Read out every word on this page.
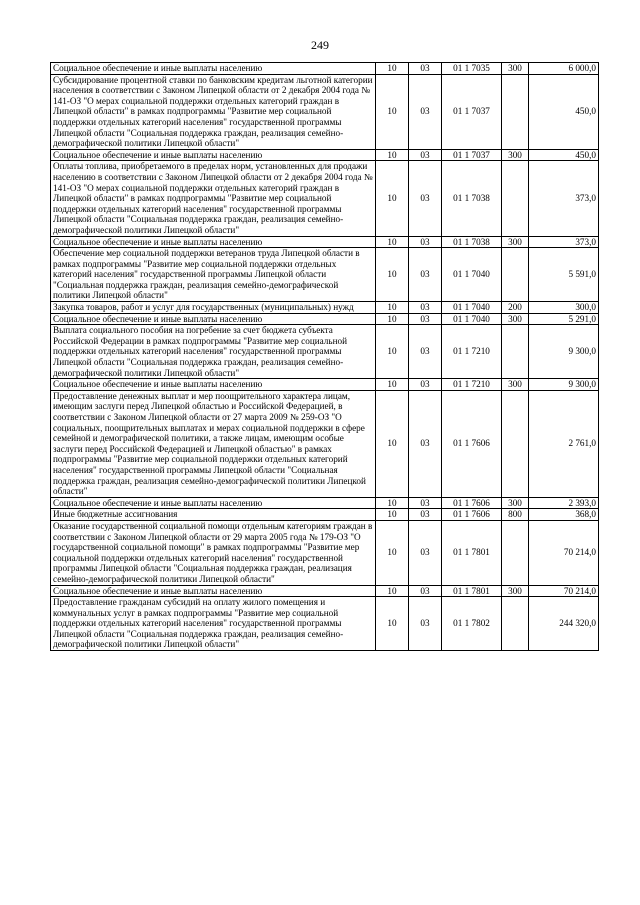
249
Социальное обеспечение и иные выплаты населению	10	03	01 1 7035	300	6 000,0
Субсидирование процентной ставки по банковским кредитам льготной категории населения в соответствии с Законом Липецкой области от 2 декабря 2004 года № 141-ОЗ "О мерах социальной поддержки отдельных категорий граждан в Липецкой области" в рамках подпрограммы "Развитие мер социальной поддержки отдельных категорий населения" государственной программы Липецкой области "Социальная поддержка граждан, реализация семейно-демографической политики Липецкой области"	10	03	01 1 7037		450,0
Социальное обеспечение и иные выплаты населению	10	03	01 1 7037	300	450,0
Оплаты топлива, приобретаемого в пределах норм, установленных для продажи населению в соответствии с Законом Липецкой области от 2 декабря 2004 года № 141-ОЗ "О мерах социальной поддержки отдельных категорий граждан в Липецкой области" в рамках подпрограммы "Развитие мер социальной поддержки отдельных категорий населения" государственной программы Липецкой области "Социальная поддержка граждан, реализация семейно-демографической политики Липецкой области"	10	03	01 1 7038		373,0
Социальное обеспечение и иные выплаты населению	10	03	01 1 7038	300	373,0
Обеспечение мер социальной поддержки ветеранов труда Липецкой области в рамках подпрограммы "Развитие мер социальной поддержки отдельных категорий населения" государственной программы Липецкой области "Социальная поддержка граждан, реализация семейно-демографической политики Липецкой области"	10	03	01 1 7040		5 591,0
Закупка товаров, работ и услуг для государственных (муниципальных) нужд	10	03	01 1 7040	200	300,0
Социальное обеспечение и иные выплаты населению	10	03	01 1 7040	300	5 291,0
Выплата социального пособия на погребение за счет бюджета субъекта Российской Федерации в рамках подпрограммы "Развитие мер социальной поддержки отдельных категорий населения" государственной программы Липецкой области "Социальная поддержка граждан, реализация семейно-демографической политики Липецкой области"	10	03	01 1 7210		9 300,0
Социальное обеспечение и иные выплаты населению	10	03	01 1 7210	300	9 300,0
Предоставление денежных выплат и мер поощрительного характера лицам, имеющим заслуги перед Липецкой областью и Российской Федерацией, в соответствии с Законом Липецкой области от 27 марта 2009 № 259-ОЗ "О социальных, поощрительных выплатах и мерах социальной поддержки в сфере семейной и демографической политики, а также лицам, имеющим особые заслуги перед Российской Федерацией и Липецкой областью" в рамках подпрограммы "Развитие мер социальной поддержки отдельных категорий населения" государственной программы Липецкой области "Социальная поддержка граждан, реализация семейно-демографической политики Липецкой области"	10	03	01 1 7606		2 761,0
Социальное обеспечение и иные выплаты населению	10	03	01 1 7606	300	2 393,0
Иные бюджетные ассигнования	10	03	01 1 7606	800	368,0
Оказание государственной социальной помощи отдельным категориям граждан в соответствии с Законом Липецкой области от 29 марта 2005 года № 179-ОЗ "О государственной социальной помощи" в рамках подпрограммы "Развитие мер социальной поддержки отдельных категорий населения" государственной программы Липецкой области "Социальная поддержка граждан, реализация семейно-демографической политики Липецкой области"	10	03	01 1 7801		70 214,0
Социальное обеспечение и иные выплаты населению	10	03	01 1 7801	300	70 214,0
Предоставление гражданам субсидий на оплату жилого помещения и коммунальных услуг в рамках подпрограммы "Развитие мер социальной поддержки отдельных категорий населения" государственной программы Липецкой области "Социальная поддержка граждан, реализация семейно-демографической политики Липецкой области"	10	03	01 1 7802		244 320,0
